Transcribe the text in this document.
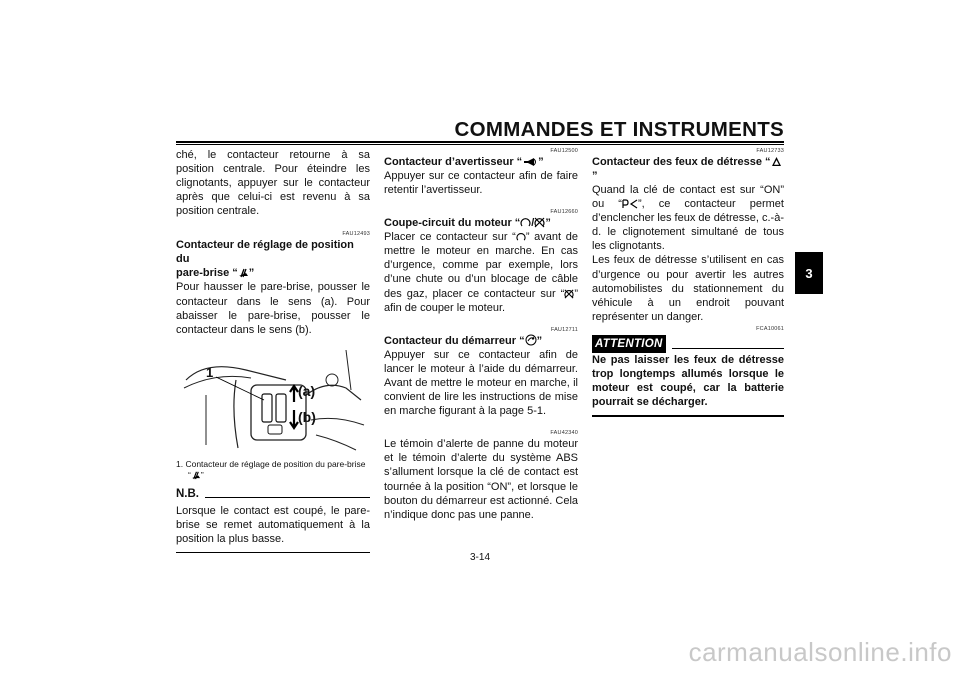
COMMANDES ET INSTRUMENTS
3

ché, le contacteur retourne à sa position centrale. Pour éteindre les clignotants, appuyer sur le contacteur après que celui-ci est revenu à sa position centrale.

FAU12493
Contacteur de réglage de position du
pare-brise “ ”

Pour hausser le pare-brise, pousser le contacteur dans le sens (a). Pour abaisser le pare-brise, pousser le contacteur dans le sens (b).

1
(a)
(b)
1. Contacteur de réglage de position du pare-brise “ ”
N.B.

Lorsque le contact est coupé, le pare-brise se remet automatiquement à la position la plus basse.

FAU12500
Contacteur d’avertisseur “ ”

Appuyer sur ce contacteur afin de faire retentir l’avertisseur.

FAU12660
Coupe-circuit du moteur “ / ”

Placer ce contacteur sur “ ” avant de mettre le moteur en marche. En cas d’urgence, comme par exemple, lors d’une chute ou d’un blocage de câble des gaz, placer ce contacteur sur “ ” afin de couper le moteur.

FAU12711
Contacteur du démarreur “ ”

Appuyer sur ce contacteur afin de lancer le moteur à l’aide du démarreur. Avant de mettre le moteur en marche, il convient de lire les instructions de mise en marche figurant à la page 5-1.

FAU42340

Le témoin d’alerte de panne du moteur et le témoin d’alerte du système ABS s’allument lorsque la clé de contact est tournée à la position “ON”, et lorsque le bouton du démarreur est actionné. Cela n’indique donc pas une panne.

FAU12733
Contacteur des feux de détresse “”

Quand la clé de contact est sur “ON” ou “ ”, ce contacteur permet d’enclencher les feux de détresse, c.-à-d. le clignotement simultané de tous les clignotants.

Les feux de détresse s’utilisent en cas d’urgence ou pour avertir les autres automobilistes du stationnement du véhicule à un endroit pouvant représenter un danger.

FCA10061
ATTENTION

Ne pas laisser les feux de détresse trop longtemps allumés lorsque le moteur est coupé, car la batterie pourrait se décharger.

3-14
carmanualsonline.info
